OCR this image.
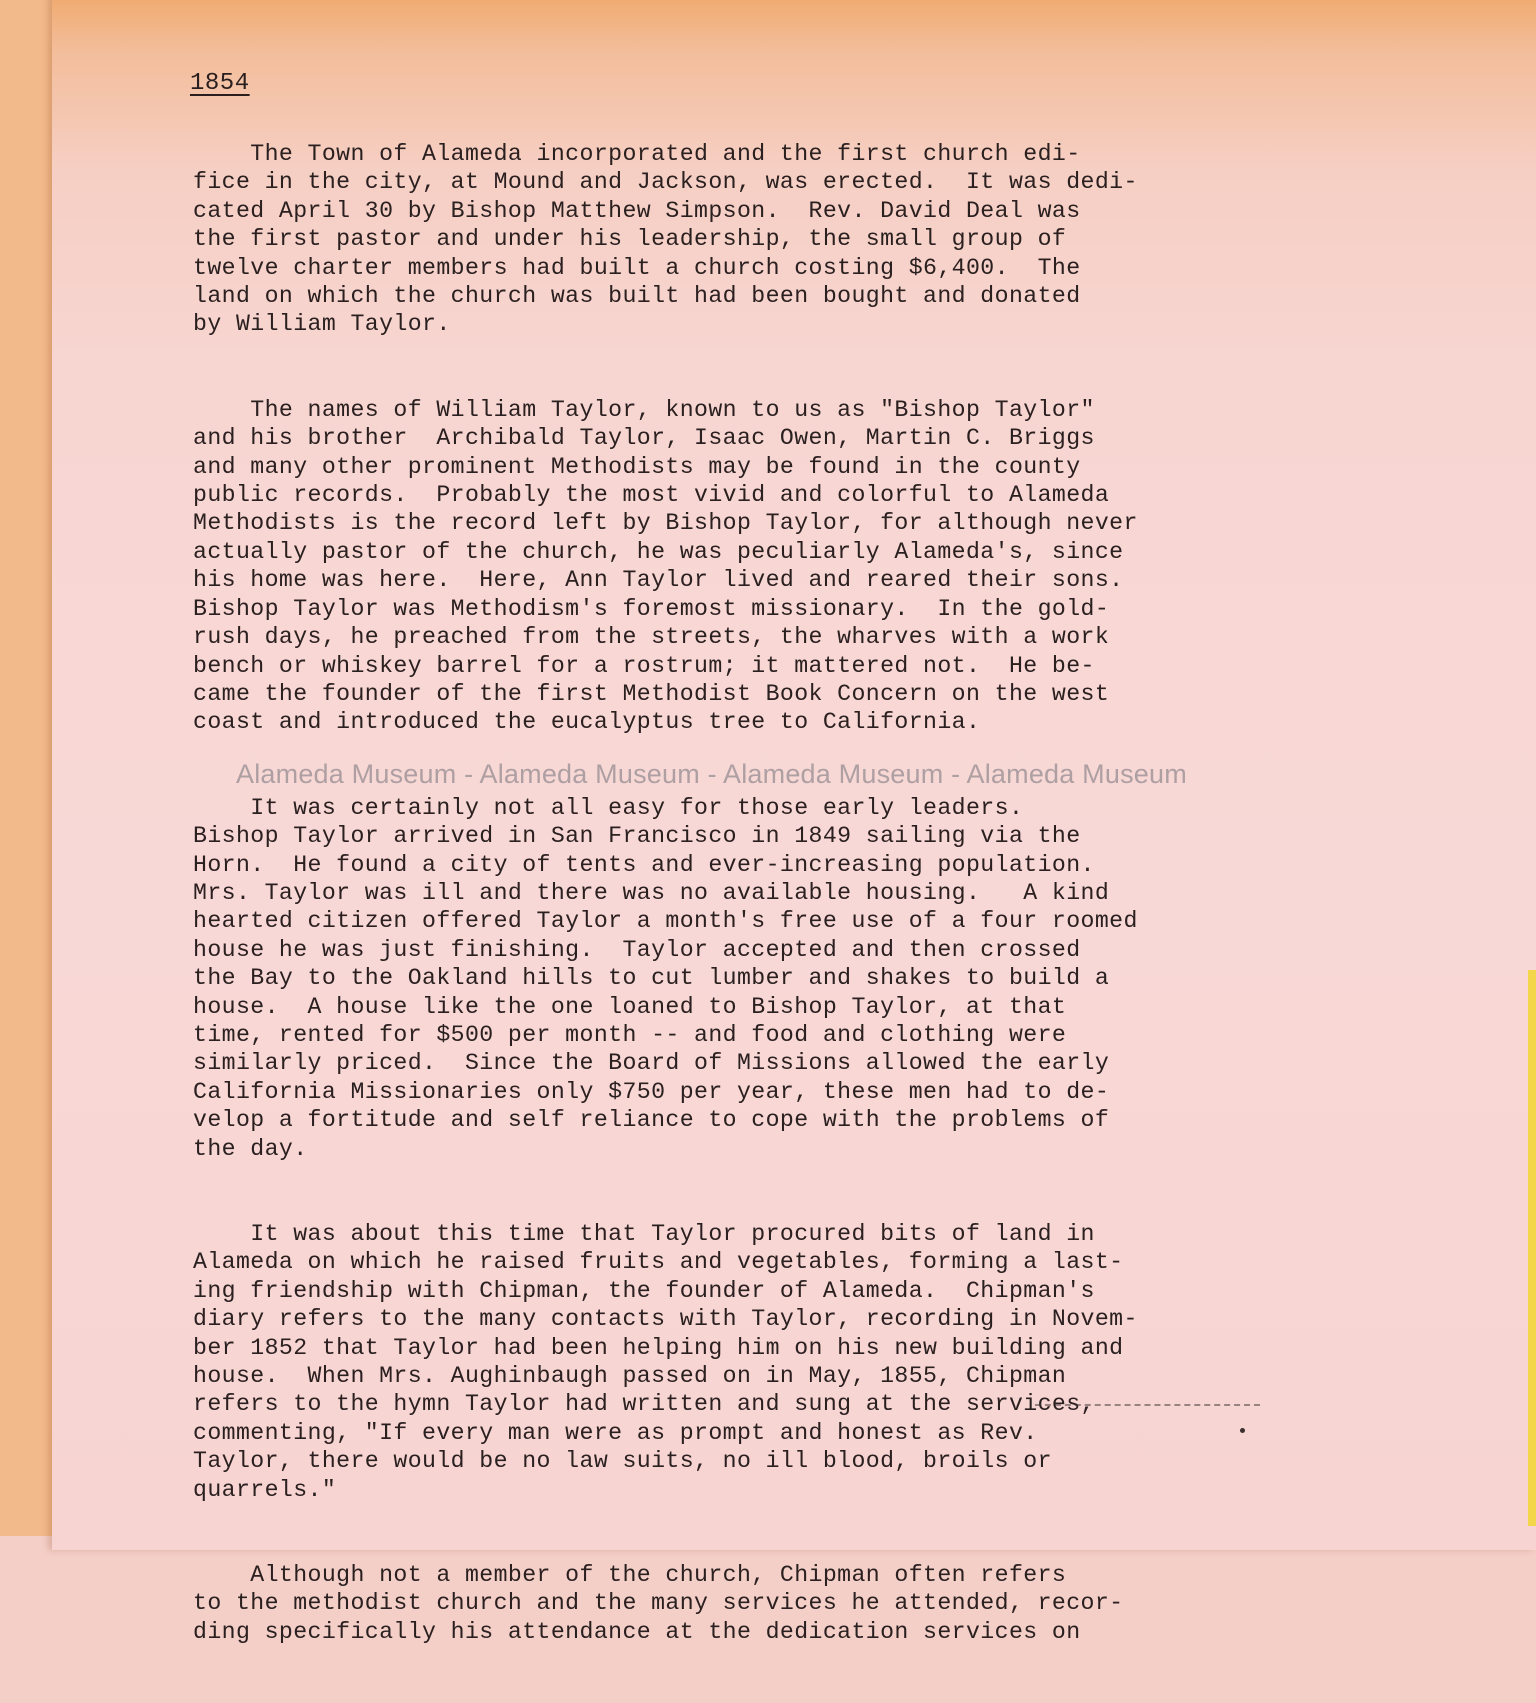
1854
The Town of Alameda incorporated and the first church edi-
fice in the city, at Mound and Jackson, was erected.  It was dedi-
cated April 30 by Bishop Matthew Simpson.  Rev. David Deal was
the first pastor and under his leadership, the small group of
twelve charter members had built a church costing $6,400.  The
land on which the church was built had been bought and donated
by William Taylor.
The names of William Taylor, known to us as "Bishop Taylor"
and his brother  Archibald Taylor, Isaac Owen, Martin C. Briggs
and many other prominent Methodists may be found in the county
public records.  Probably the most vivid and colorful to Alameda
Methodists is the record left by Bishop Taylor, for although never
actually pastor of the church, he was peculiarly Alameda's, since
his home was here.  Here, Ann Taylor lived and reared their sons.
Bishop Taylor was Methodism's foremost missionary.  In the gold-
rush days, he preached from the streets, the wharves with a work
bench or whiskey barrel for a rostrum; it mattered not.  He be-
came the founder of the first Methodist Book Concern on the west
coast and introduced the eucalyptus tree to California.
It was certainly not all easy for those early leaders.
Bishop Taylor arrived in San Francisco in 1849 sailing via the
Horn.  He found a city of tents and ever-increasing population.
Mrs. Taylor was ill and there was no available housing.   A kind
hearted citizen offered Taylor a month's free use of a four roomed
house he was just finishing.  Taylor accepted and then crossed
the Bay to the Oakland hills to cut lumber and shakes to build a
house.  A house like the one loaned to Bishop Taylor, at that
time, rented for $500 per month -- and food and clothing were
similarly priced.  Since the Board of Missions allowed the early
California Missionaries only $750 per year, these men had to de-
velop a fortitude and self reliance to cope with the problems of
the day.
It was about this time that Taylor procured bits of land in
Alameda on which he raised fruits and vegetables, forming a last-
ing friendship with Chipman, the founder of Alameda.  Chipman's
diary refers to the many contacts with Taylor, recording in Novem-
ber 1852 that Taylor had been helping him on his new building and
house.  When Mrs. Aughinbaugh passed on in May, 1855, Chipman
refers to the hymn Taylor had written and sung at the services,
commenting, "If every man were as prompt and honest as Rev.
Taylor, there would be no law suits, no ill blood, broils or
quarrels."
Although not a member of the church, Chipman often refers
to the methodist church and the many services he attended, recor-
ding specifically his attendance at the dedication services on
Alameda Museum - Alameda Museum - Alameda Museum - Alameda Museum
